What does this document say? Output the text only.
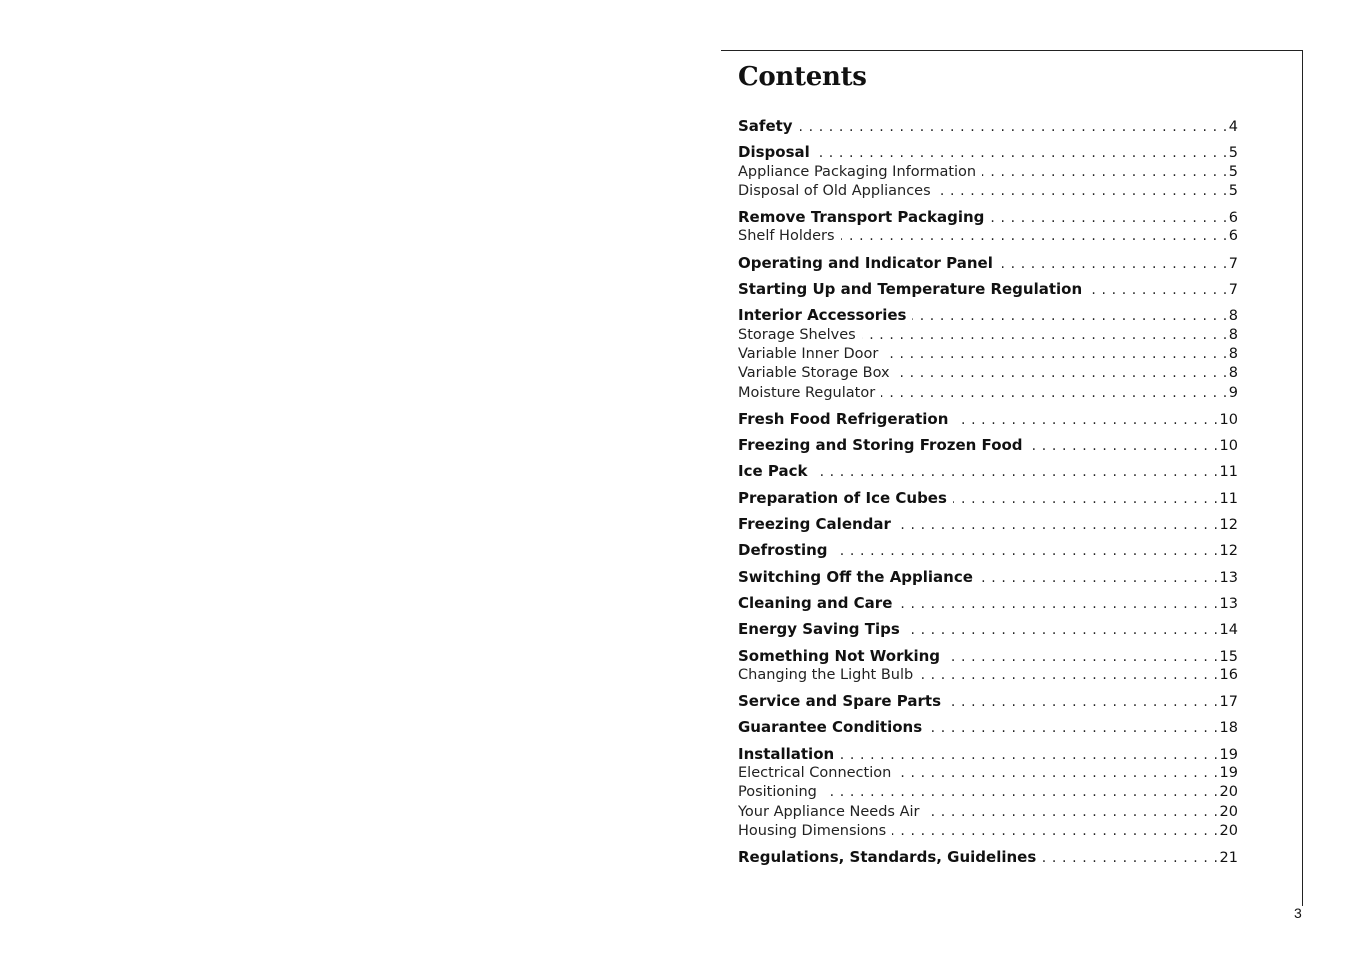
Contents
Safety . . .	4
Disposal . . .	5
Appliance Packaging Information . . .	5
Disposal of Old Appliances . . .	5
Remove Transport Packaging . . .	6
Shelf Holders . . .	6
Operating and Indicator Panel . . .	7
Starting Up and Temperature Regulation . . .	7
Interior Accessories . . .	8
Storage Shelves . . .	8
Variable Inner Door . . .	8
Variable Storage Box . . .	8
Moisture Regulator . . .	9
Fresh Food Refrigeration . . .	10
Freezing and Storing Frozen Food . . .	10
Ice Pack . . .	11
Preparation of Ice Cubes . . .	11
Freezing Calendar . . .	12
Defrosting . . .	12
Switching Off the Appliance . . .	13
Cleaning and Care . . .	13
Energy Saving Tips . . .	14
Something Not Working . . .	15
Changing the Light Bulb . . .	16
Service and Spare Parts . . .	17
Guarantee Conditions . . .	18
Installation . . .	19
Electrical Connection . . .	19
Positioning . . .	20
Your Appliance Needs Air . . .	20
Housing Dimensions . . .	20
Regulations, Standards, Guidelines . . .	21
3
